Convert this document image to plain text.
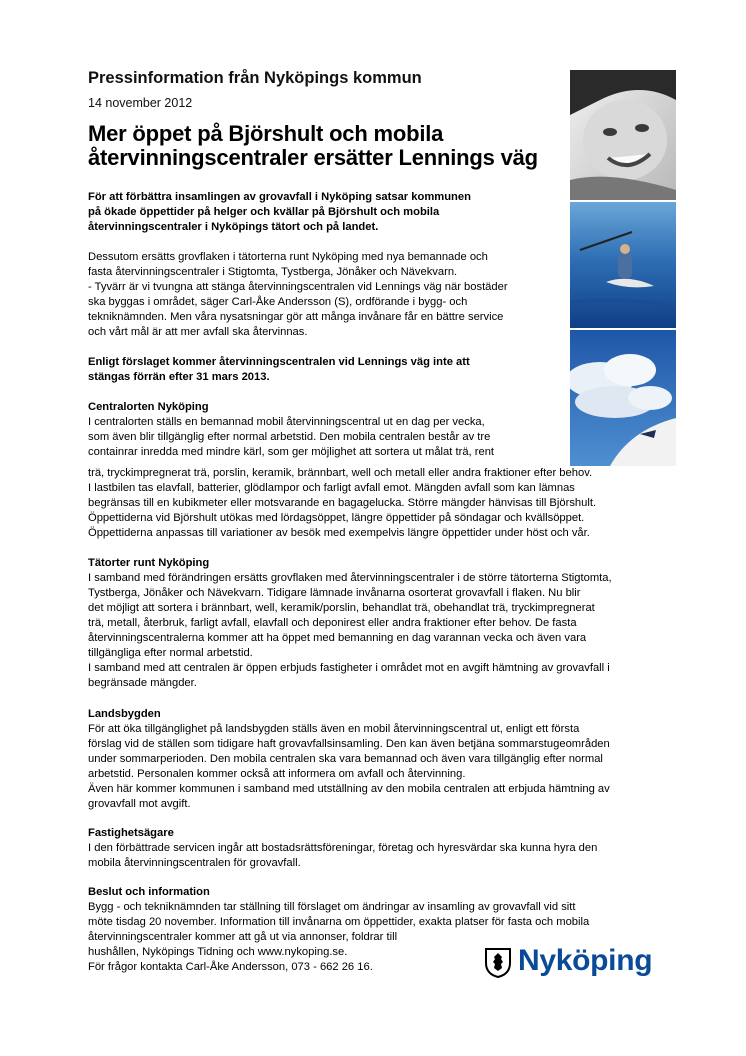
Pressinformation från Nyköpings kommun
14 november 2012
Mer öppet på Björshult och mobila
återvinningscentraler ersätter Lennings väg
För att förbättra insamlingen av grovavfall i Nyköping satsar kommunen
på ökade öppettider på helger och kvällar på Björshult och mobila
återvinningscentraler i Nyköpings tätort och på landet.
Dessutom ersätts grovflaken i tätorterna runt Nyköping med nya bemannade och
fasta återvinningscentraler i Stigtomta, Tystberga, Jönåker och Nävekvarn.
- Tyvärr är vi tvungna att stänga återvinningscentralen vid Lennings väg när bostäder
ska byggas i området, säger Carl-Åke Andersson (S), ordförande i bygg- och
tekniknämnden. Men våra nysatsningar gör att många invånare får en bättre service
och vårt mål är att mer avfall ska återvinnas.
Enligt förslaget kommer återvinningscentralen vid Lennings väg inte att
stängas förrän efter 31 mars 2013.
Centralorten Nyköping
I centralorten ställs en bemannad mobil återvinningscentral ut en dag per vecka,
som även blir tillgänglig efter normal arbetstid. Den mobila centralen består av tre
containrar inredda med mindre kärl, som ger möjlighet att sortera ut målat trä, rent
trä, tryckimpregnerat trä, porslin, keramik, brännbart, well och metall eller andra fraktioner efter behov.
I lastbilen tas elavfall, batterier, glödlampor och farligt avfall emot. Mängden avfall som kan lämnas
begränsas till en kubikmeter eller motsvarande en bagagelucka. Större mängder hänvisas till Björshult.
Öppettiderna vid Björshult utökas med lördagsöppet, längre öppettider på söndagar och kvällsöppet.
Öppettiderna anpassas till variationer av besök med exempelvis längre öppettider under höst och vår.
Tätorter runt Nyköping
I samband med förändringen ersätts grovflaken med återvinningscentraler i de större tätorterna Stigtomta,
Tystberga, Jönåker och Nävekvarn. Tidigare lämnade invånarna osorterat grovavfall i flaken. Nu blir
det möjligt att sortera i brännbart, well, keramik/porslin, behandlat trä, obehandlat trä, tryckimpregnerat
trä, metall, återbruk, farligt avfall, elavfall och deponirest eller andra fraktioner efter behov. De fasta
återvinningscentralerna kommer att ha öppet med bemanning en dag varannan vecka och även vara
tillgängliga efter normal arbetstid.
I samband med att centralen är öppen erbjuds fastigheter i området mot en avgift hämtning av grovavfall i
begränsade mängder.
Landsbygden
För att öka tillgänglighet på landsbygden ställs även en mobil återvinningscentral ut, enligt ett första
förslag vid de ställen som tidigare haft grovavfallsinsamling. Den kan även betjäna sommarstugeområden
under sommarperioden. Den mobila centralen ska vara bemannad och även vara tillgänglig efter normal
arbetstid. Personalen kommer också att informera om avfall och återvinning.
Även här kommer kommunen i samband med utställning av den mobila centralen att erbjuda hämtning av
grovavfall mot avgift.
Fastighetsägare
I den förbättrade servicen ingår att bostadsrättsföreningar, företag och hyresvärdar ska kunna hyra den
mobila återvinningscentralen för grovavfall.
Beslut och information
Bygg - och tekniknämnden tar ställning till förslaget om ändringar av insamling av grovavfall vid sitt
möte tisdag 20 november. Information till invånarna om öppettider, exakta platser för fasta och mobila
återvinningscentraler kommer att gå ut via annonser, foldrar till
hushållen, Nyköpings Tidning och www.nykoping.se.
För frågor kontakta Carl-Åke Andersson, 073 - 662 26 16.	Nyköping
